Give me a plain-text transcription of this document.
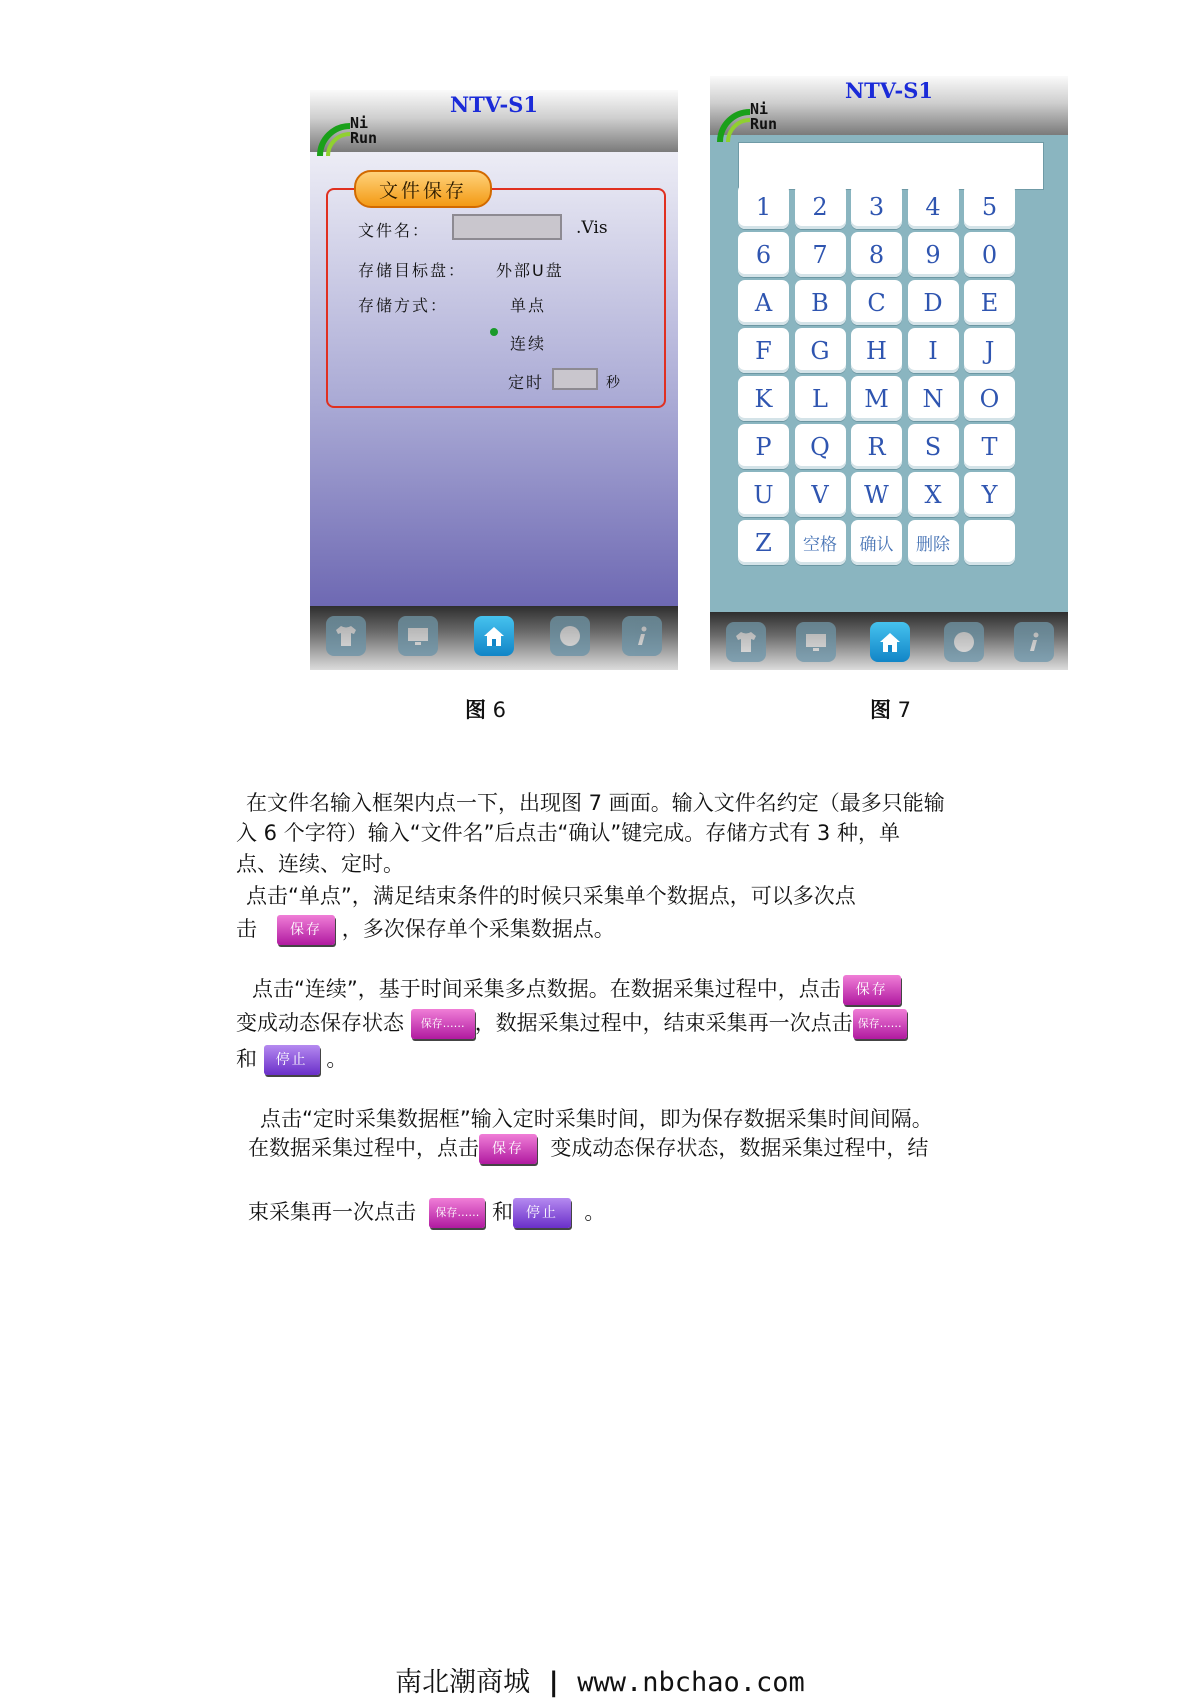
NTV-S1
Ni
Run
文件保存
文件名：	.Vis
存储目标盘： 外部U盘
存储方式：	单点
连续
定时	秒
NTV-S1
Ni
Run
1	2	3	4	5
6	7	8	9	0
A	B	C	D	E
F	G	H	I	J
K	L	M	N	O
P	Q	R	S	T
U	V	W	X	Y
Z	空格	确认	删除
图 6	图 7
在文件名输入框架内点一下，出现图 7 画面。输入文件名约定（最多只能输
入 6 个字符）输入“文件名”后点击“确认”键完成。存储方式有 3 种，单
点、连续、定时。
点击“单点”，满足结束条件的时候只采集单个数据点，可以多次点
击 保存 ，多次保存单个采集数据点。
点击“连续”，基于时间采集多点数据。在数据采集过程中，点击 保存
变成动态保存状态 保存…… ，数据采集过程中，结束采集再一次点击 保存……
和 停止 。
点击“定时采集数据框”输入定时采集时间，即为保存数据采集时间间隔。
在数据采集过程中，点击 保存 变成动态保存状态，数据采集过程中，结
束采集再一次点击 保存…… 和 停止 。
南北潮商城 | www.nbchao.com
